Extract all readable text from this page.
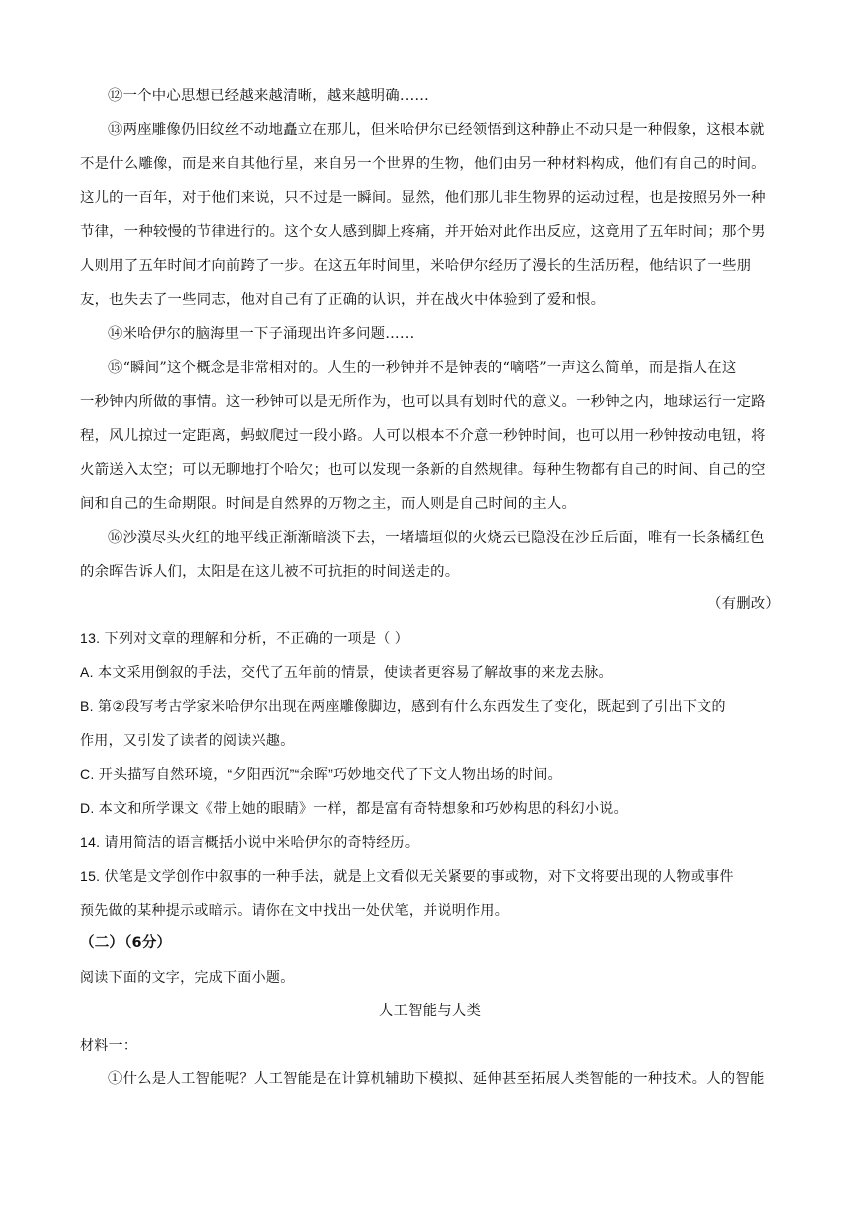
⑫一个中心思想已经越来越清晰，越来越明确……
⑬两座雕像仍旧纹丝不动地矗立在那儿，但米哈伊尔已经领悟到这种静止不动只是一种假象，这根本就
不是什么雕像，而是来自其他行星，来自另一个世界的生物，他们由另一种材料构成，他们有自己的时间。
这儿的一百年，对于他们来说，只不过是一瞬间。显然，他们那儿非生物界的运动过程，也是按照另外一种
节律，一种较慢的节律进行的。这个女人感到脚上疼痛，并开始对此作出反应，这竟用了五年时间；那个男
人则用了五年时间才向前跨了一步。在这五年时间里，米哈伊尔经历了漫长的生活历程，他结识了一些朋
友，也失去了一些同志，他对自己有了正确的认识，并在战火中体验到了爱和恨。
⑭米哈伊尔的脑海里一下子涌现出许多问题……
⑮“瞬间”这个概念是非常相对的。人生的一秒钟并不是钟表的“嘀嗒”一声这么简单，而是指人在这
一秒钟内所做的事情。这一秒钟可以是无所作为，也可以具有划时代的意义。一秒钟之内，地球运行一定路
程，风儿掠过一定距离，蚂蚁爬过一段小路。人可以根本不介意一秒钟时间，也可以用一秒钟按动电钮，将
火箭送入太空；可以无聊地打个哈欠；也可以发现一条新的自然规律。每种生物都有自己的时间、自己的空
间和自己的生命期限。时间是自然界的万物之主，而人则是自己时间的主人。
⑯沙漠尽头火红的地平线正渐渐暗淡下去，一堵墙垣似的火烧云已隐没在沙丘后面，唯有一长条橘红色
的余晖告诉人们，太阳是在这儿被不可抗拒的时间送走的。
（有删改）
13. 下列对文章的理解和分析，不正确的一项是（ ）
A. 本文采用倒叙的手法，交代了五年前的情景，使读者更容易了解故事的来龙去脉。
B. 第②段写考古学家米哈伊尔出现在两座雕像脚边，感到有什么东西发生了变化，既起到了引出下文的
作用，又引发了读者的阅读兴趣。
C. 开头描写自然环境，“夕阳西沉”“余晖”巧妙地交代了下文人物出场的时间。
D. 本文和所学课文《带上她的眼睛》一样，都是富有奇特想象和巧妙构思的科幻小说。
14. 请用简洁的语言概括小说中米哈伊尔的奇特经历。
15. 伏笔是文学创作中叙事的一种手法，就是上文看似无关紧要的事或物，对下文将要出现的人物或事件
预先做的某种提示或暗示。请你在文中找出一处伏笔，并说明作用。
（二）（6分）
阅读下面的文字，完成下面小题。
人工智能与人类
材料一：
①什么是人工智能呢？人工智能是在计算机辅助下模拟、延伸甚至拓展人类智能的一种技术。人的智能
